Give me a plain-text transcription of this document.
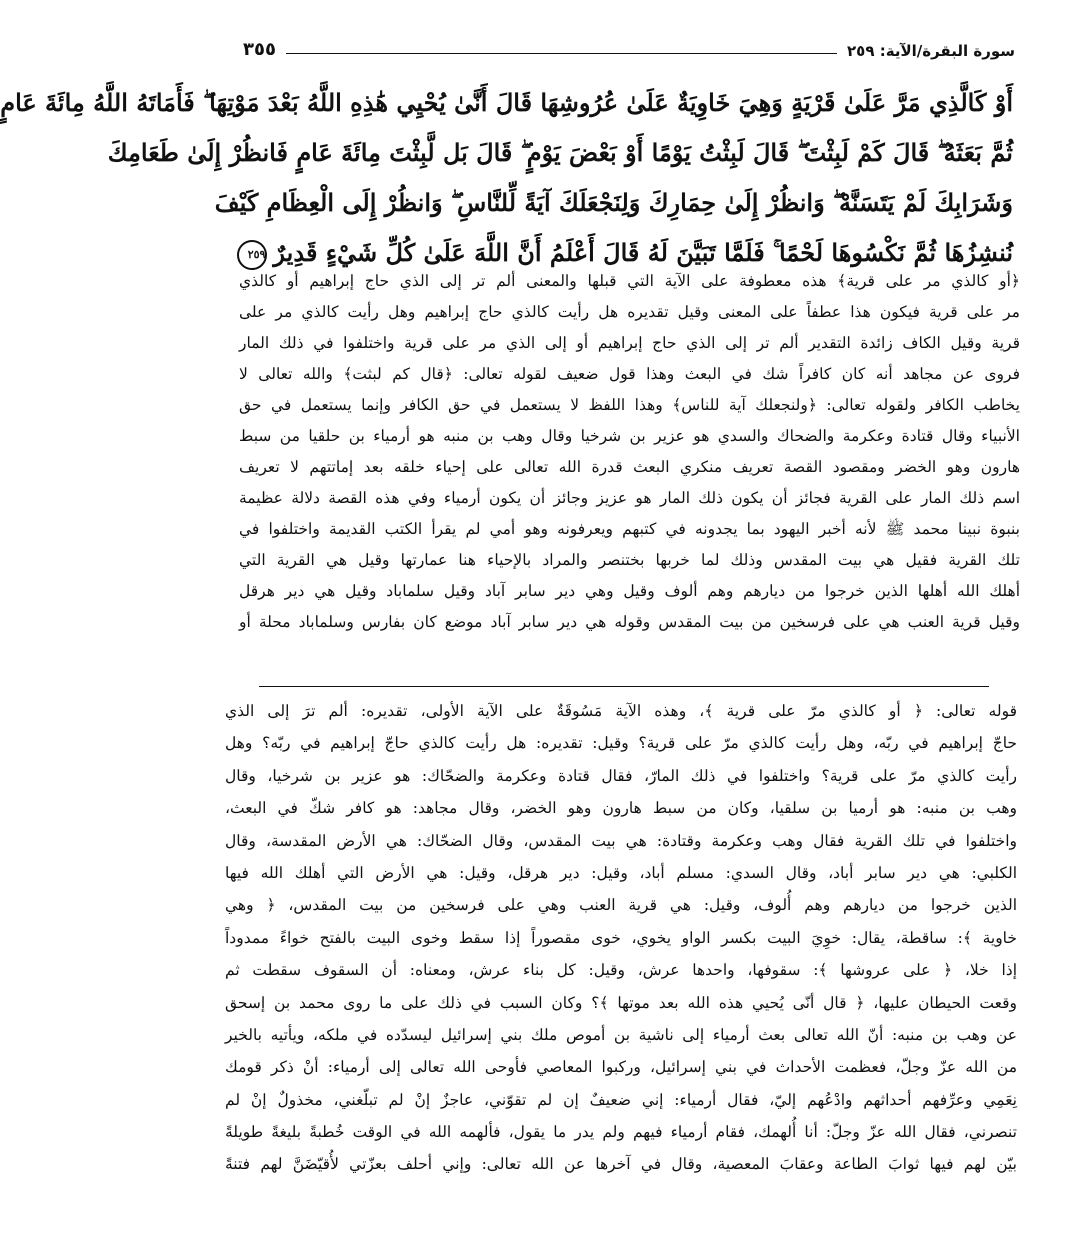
سورة البقرة/الآية: ٢٥٩
٣٥٥
أَوْ كَالَّذِي مَرَّ عَلَىٰ قَرْيَةٍ وَهِيَ خَاوِيَةٌ عَلَىٰ عُرُوشِهَا قَالَ أَنَّىٰ يُحْيِي هَٰذِهِ اللَّهُ بَعْدَ مَوْتِهَا ۖ فَأَمَاتَهُ اللَّهُ مِائَةَ عَامٍ
ثُمَّ بَعَثَهُ ۖ قَالَ كَمْ لَبِثْتَ ۖ قَالَ لَبِثْتُ يَوْمًا أَوْ بَعْضَ يَوْمٍ ۖ قَالَ بَل لَّبِثْتَ مِائَةَ عَامٍ فَانظُرْ إِلَىٰ طَعَامِكَ
وَشَرَابِكَ لَمْ يَتَسَنَّهْ ۖ وَانظُرْ إِلَىٰ حِمَارِكَ وَلِنَجْعَلَكَ آيَةً لِّلنَّاسِ ۖ وَانظُرْ إِلَى الْعِظَامِ كَيْفَ
نُنشِزُهَا ثُمَّ نَكْسُوهَا لَحْمًا ۚ فَلَمَّا تَبَيَّنَ لَهُ قَالَ أَعْلَمُ أَنَّ اللَّهَ عَلَىٰ كُلِّ شَيْءٍ قَدِيرٌ٢٥٩
﴿أو كالذي مر على قرية﴾ هذه معطوفة على الآية التي قبلها والمعنى ألم تر إلى الذي حاج إبراهيم أو كالذي
مر على قرية فيكون هذا عطفاً على المعنى وقيل تقديره هل رأيت كالذي حاج إبراهيم وهل رأيت كالذي مر على
قرية وقيل الكاف زائدة التقدير ألم تر إلى الذي حاج إبراهيم أو إلى الذي مر على قرية واختلفوا في ذلك المار
فروى عن مجاهد أنه كان كافراً شك في البعث وهذا قول ضعيف لقوله تعالى: ﴿قال كم لبثت﴾ والله تعالى لا
يخاطب الكافر ولقوله تعالى: ﴿ولنجعلك آية للناس﴾ وهذا اللفظ لا يستعمل في حق الكافر وإنما يستعمل في حق
الأنبياء وقال قتادة وعكرمة والضحاك والسدي هو عزير بن شرخيا وقال وهب بن منبه هو أرمياء بن حلقيا من سبط
هارون وهو الخضر ومقصود القصة تعريف منكري البعث قدرة الله تعالى على إحياء خلقه بعد إماتتهم لا تعريف
اسم ذلك المار على القرية فجائز أن يكون ذلك المار هو عزيز وجائز أن يكون أرمياء وفي هذه القصة دلالة عظيمة
بنبوة نبينا محمد ﷺ لأنه أخبر اليهود بما يجدونه في كتبهم ويعرفونه وهو أمي لم يقرأ الكتب القديمة واختلفوا في
تلك القرية فقيل هي بيت المقدس وذلك لما خربها بختنصر والمراد بالإحياء هنا عمارتها وقيل هي القرية التي
أهلك الله أهلها الذين خرجوا من ديارهم وهم ألوف وقيل وهي دير سابر آباد وقيل سلماباد وقيل هي دير هرقل
وقيل قرية العنب هي على فرسخين من بيت المقدس وقوله هي دير سابر آباد موضع كان بفارس وسلماباد محلة أو
قوله تعالى: ﴿ أو كالذي مرّ على قرية ﴾، وهذه الآية مَسُوقَةٌ على الآية الأولى، تقديره: ألم ترَ إلى الذي
حاجّ إبراهيم في ربّه، وهل رأيت كالذي مرّ على قرية؟ وقيل: تقديره: هل رأيت كالذي حاجّ إبراهيم في ربّه؟ وهل
رأيت كالذي مرّ على قرية؟ واختلفوا في ذلك المارّ، فقال قتادة وعكرمة والضحّاك: هو عزير بن شرخيا، وقال
وهب بن منبه: هو أرميا بن سلقيا، وكان من سبط هارون وهو الخضر، وقال مجاهد: هو كافر شكّ في البعث،
واختلفوا في تلك القرية فقال وهب وعكرمة وقتادة: هي بيت المقدس، وقال الضحّاك: هي الأرض المقدسة، وقال
الكلبي: هي دير سابر أباد، وقال السدي: مسلم أباد، وقيل: دير هرقل، وقيل: هي الأرض التي أهلك الله فيها
الذين خرجوا من ديارهم وهم أُلوف، وقيل: هي قرية العنب وهي على فرسخين من بيت المقدس، ﴿ وهي
خاوية ﴾: ساقطة، يقال: خوِيَ البيت بكسر الواو يخوي، خوى مقصوراً إذا سقط وخوى البيت بالفتح خواءً ممدوداً
إذا خلا، ﴿ على عروشها ﴾: سقوفها، واحدها عرش، وقيل: كل بناء عرش، ومعناه: أن السقوف سقطت ثم
وقعت الحيطان عليها، ﴿ قال أنّى يُحيي هذه الله بعد موتها ﴾؟ وكان السبب في ذلك على ما روى محمد بن إسحق
عن وهب بن منبه: أنّ الله تعالى بعث أرمياء إلى ناشية بن أموص ملك بني إسرائيل ليسدّده في ملكه، ويأتيه بالخير
من الله عزّ وجلّ، فعظمت الأحداث في بني إسرائيل، وركبوا المعاصي فأوحى الله تعالى إلى أرمياء: أنْ ذكر قومك
نِعَمِي وعرِّفهم أحداثهم وادْعُهم إليّ، فقال أرمياء: إني ضعيفٌ إن لم تقوّني، عاجزٌ إنْ لم تبلّغني، مخذولٌ إنْ لم
تنصرني، فقال الله عزّ وجلّ: أنا أُلهمك، فقام أرمياء فيهم ولم يدر ما يقول، فألهمه الله في الوقت خُطبةً بليغةً طويلةً
بيّن لهم فيها ثوابَ الطاعة وعقابَ المعصية، وقال في آخرها عن الله تعالى: وإني أحلف بعزّتي لأُقيّضَنَّ لهم فتنةً
